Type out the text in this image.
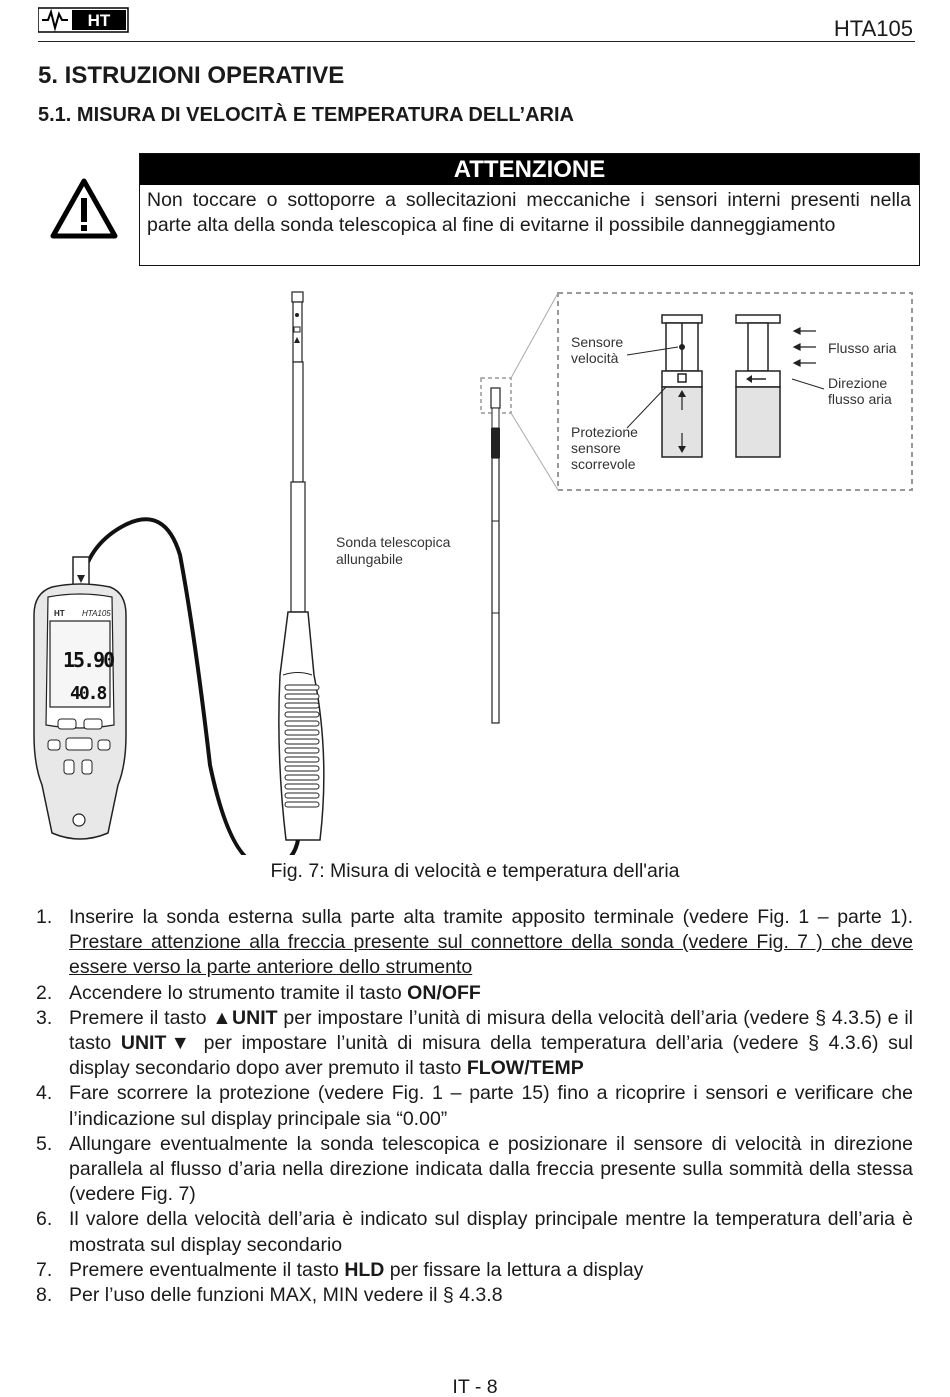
HT	HTA105
5. ISTRUZIONI OPERATIVE
5.1. MISURA DI VELOCITÀ E TEMPERATURA DELL’ARIA
ATTENZIONE
Non toccare o sottoporre a sollecitazioni meccaniche i sensori interni presenti nella parte alta della sonda telescopica al fine di evitarne il possibile danneggiamento
Sensore
velocità
Protezione
sensore
scorrevole
Flusso aria
Direzione
flusso aria
Sonda telescopica
allungabile
HT HTA105
15.90
40.8
Fig. 7: Misura di velocità e temperatura dell'aria
1. Inserire la sonda esterna sulla parte alta tramite apposito terminale (vedere Fig. 1 – parte 1). Prestare attenzione alla freccia presente sul connettore della sonda (vedere Fig. 7 ) che deve essere verso la parte anteriore dello strumento
2. Accendere lo strumento tramite il tasto ON/OFF
3. Premere il tasto ▲UNIT per impostare l’unità di misura della velocità dell’aria (vedere § 4.3.5) e il tasto UNIT▼ per impostare l’unità di misura della temperatura dell’aria (vedere § 4.3.6) sul display secondario dopo aver premuto il tasto FLOW/TEMP
4. Fare scorrere la protezione (vedere Fig. 1 – parte 15) fino a ricoprire i sensori e verificare che l’indicazione sul display principale sia “0.00”
5. Allungare eventualmente la sonda telescopica e posizionare il sensore di velocità in direzione parallela al flusso d’aria nella direzione indicata dalla freccia presente sulla sommità della stessa (vedere Fig. 7)
6. Il valore della velocità dell’aria è indicato sul display principale mentre la temperatura dell’aria è mostrata sul display secondario
7. Premere eventualmente il tasto HLD per fissare la lettura a display
8. Per l’uso delle funzioni MAX, MIN vedere il § 4.3.8
IT - 8
